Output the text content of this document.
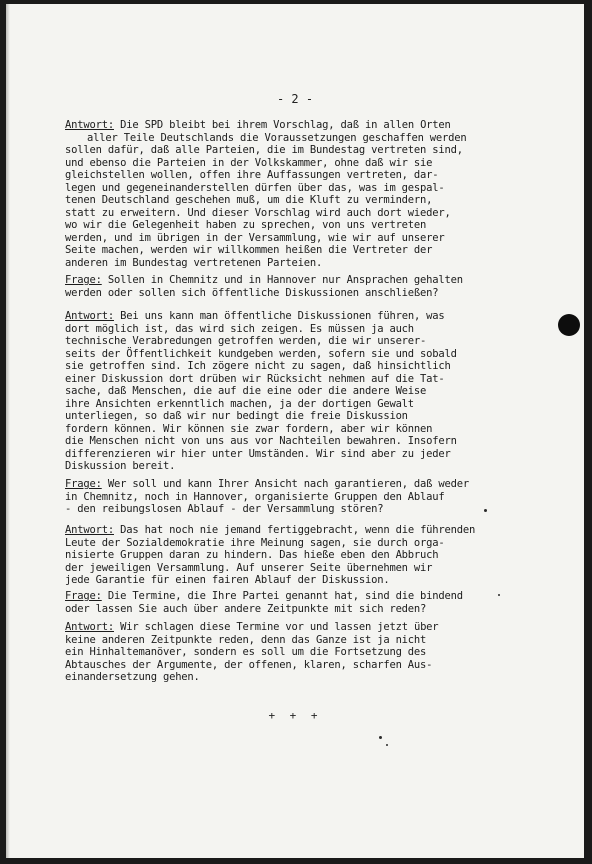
- 2 -
Antwort: Die SPD bleibt bei ihrem Vorschlag, daß in allen Orten
aller Teile Deutschlands die Voraussetzungen geschaffen werden
sollen dafür, daß alle Parteien, die im Bundestag vertreten sind,
und ebenso die Parteien in der Volkskammer, ohne daß wir sie
gleichstellen wollen, offen ihre Auffassungen vertreten, dar-
legen und gegeneinanderstellen dürfen über das, was im gespal-
tenen Deutschland geschehen muß, um die Kluft zu vermindern,
statt zu erweitern. Und dieser Vorschlag wird auch dort wieder,
wo wir die Gelegenheit haben zu sprechen, von uns vertreten
werden, und im übrigen in der Versammlung, wie wir auf unserer
Seite machen, werden wir willkommen heißen die Vertreter der
anderen im Bundestag vertretenen Parteien.
Frage: Sollen in Chemnitz und in Hannover nur Ansprachen gehalten
werden oder sollen sich öffentliche Diskussionen anschließen?
Antwort: Bei uns kann man öffentliche Diskussionen führen, was
dort möglich ist, das wird sich zeigen. Es müssen ja auch
technische Verabredungen getroffen werden, die wir unserer-
seits der Öffentlichkeit kundgeben werden, sofern sie und sobald
sie getroffen sind. Ich zögere nicht zu sagen, daß hinsichtlich
einer Diskussion dort drüben wir Rücksicht nehmen auf die Tat-
sache, daß Menschen, die auf die eine oder die andere Weise
ihre Ansichten erkenntlich machen, ja der dortigen Gewalt
unterliegen, so daß wir nur bedingt die freie Diskussion
fordern können. Wir können sie zwar fordern, aber wir können
die Menschen nicht von uns aus vor Nachteilen bewahren. Insofern
differenzieren wir hier unter Umständen. Wir sind aber zu jeder
Diskussion bereit.
Frage: Wer soll und kann Ihrer Ansicht nach garantieren, daß weder
in Chemnitz, noch in Hannover, organisierte Gruppen den Ablauf
- den reibungslosen Ablauf - der Versammlung stören?
Antwort: Das hat noch nie jemand fertiggebracht, wenn die führenden
Leute der Sozialdemokratie ihre Meinung sagen, sie durch orga-
nisierte Gruppen daran zu hindern. Das hieße eben den Abbruch
der jeweiligen Versammlung. Auf unserer Seite übernehmen wir
jede Garantie für einen fairen Ablauf der Diskussion.
Frage: Die Termine, die Ihre Partei genannt hat, sind die bindend
oder lassen Sie auch über andere Zeitpunkte mit sich reden?
Antwort: Wir schlagen diese Termine vor und lassen jetzt über
keine anderen Zeitpunkte reden, denn das Ganze ist ja nicht
ein Hinhaltemanöver, sondern es soll um die Fortsetzung des
Abtausches der Argumente, der offenen, klaren, scharfen Aus-
einandersetzung gehen.
+ + +
